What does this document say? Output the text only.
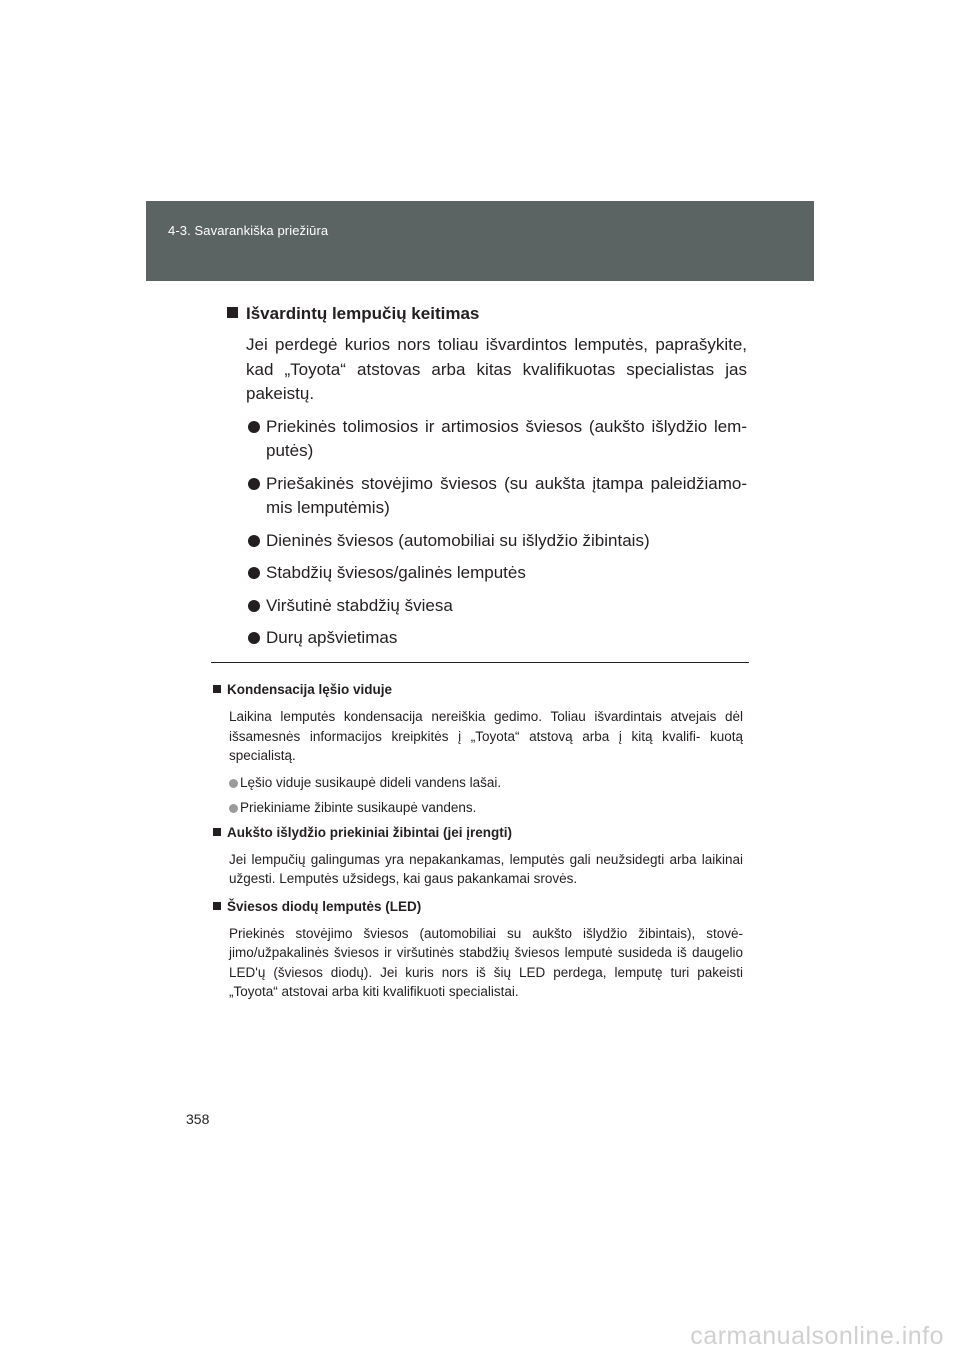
4-3. Savarankiška priežiūra
Išvardintų lempučių keitimas

Jei perdegė kurios nors toliau išvardintos lemputės, paprašykite, kad „Toyota“ atstovas arba kitas kvalifikuotas specialistas jas pakeistų.

Priekinės tolimosios ir artimosios šviesos (aukšto išlydžio lem- putės)
Priešakinės stovėjimo šviesos (su aukšta įtampa paleidžiamo- mis lemputėmis)
Dieninės šviesos (automobiliai su išlydžio žibintais)
Stabdžių šviesos/galinės lemputės
Viršutinė stabdžių šviesa
Durų apšvietimas

Kondensacija lęšio viduje

Laikina lemputės kondensacija nereiškia gedimo. Toliau išvardintais atvejais dėl išsamesnės informacijos kreipkitės į „Toyota“ atstovą arba į kitą kvalifi- kuotą specialistą.

Lęšio viduje susikaupė dideli vandens lašai.
Priekiniame žibinte susikaupė vandens.

Aukšto išlydžio priekiniai žibintai (jei įrengti)

Jei lempučių galingumas yra nepakankamas, lemputės gali neužsidegti arba laikinai užgesti. Lemputės užsidegs, kai gaus pakankamai srovės.

Šviesos diodų lemputės (LED)

Priekinės stovėjimo šviesos (automobiliai su aukšto išlydžio žibintais), stovė- jimo/užpakalinės šviesos ir viršutinės stabdžių šviesos lemputė susideda iš daugelio LED'ų (šviesos diodų). Jei kuris nors iš šių LED perdega, lemputę turi pakeisti „Toyota“ atstovai arba kiti kvalifikuoti specialistai.

358
carmanualsonline.info
